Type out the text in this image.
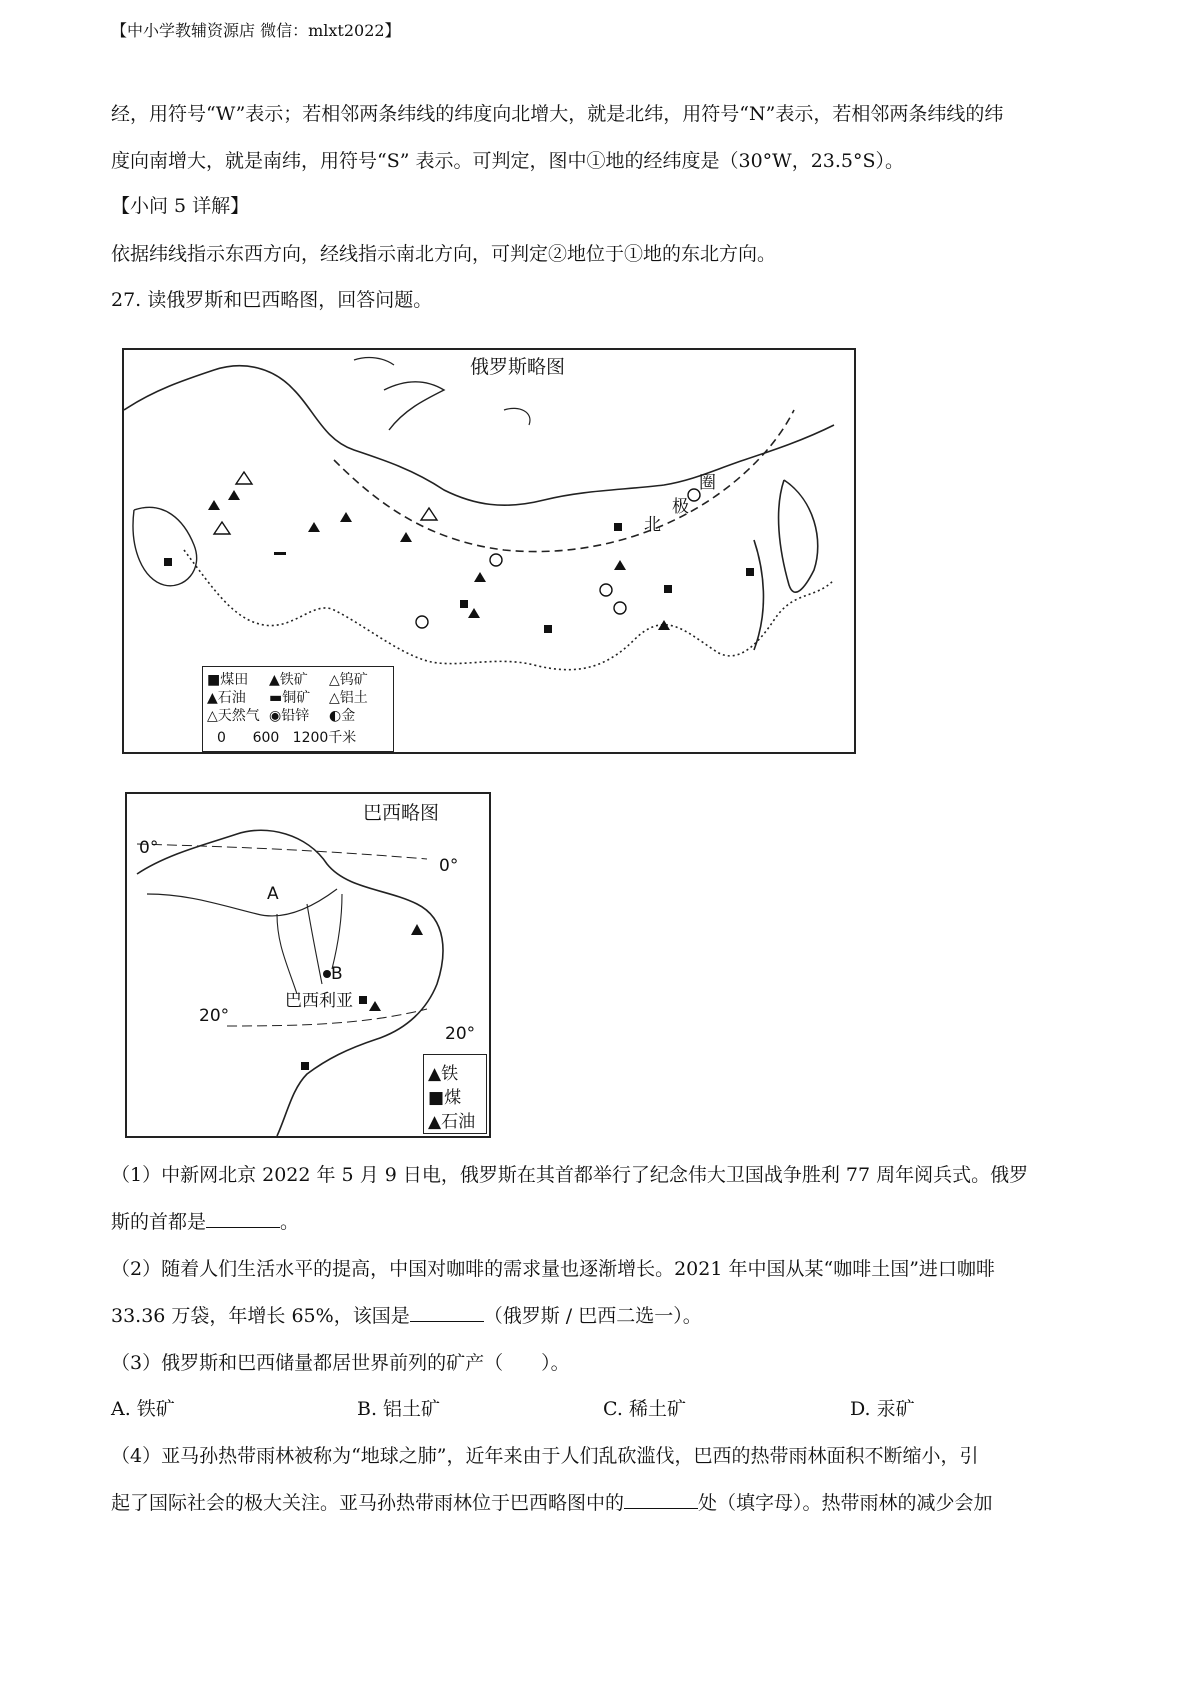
【中小学教辅资源店 微信：mlxt2022】
经，用符号“W”表示；若相邻两条纬线的纬度向北增大，就是北纬，用符号“N”表示，若相邻两条纬线的纬
度向南增大，就是南纬，用符号“S” 表示。可判定，图中①地的经纬度是（30°W，23.5°S）。
【小问 5 详解】
依据纬线指示东西方向，经线指示南北方向，可判定②地位于①地的东北方向。
27. 读俄罗斯和巴西略图，回答问题。
俄罗斯略图
北
极
圈
■煤田 ▲铁矿 △钨矿
▲石油 ▬铜矿 △铝土
△天然气 ◉铅锌 ◐金
0      600   1200千米
巴西略图
0°
0°
A
B
巴西利亚
20°
20°
▲铁
■煤
▲石油
（1）中新网北京 2022 年 5 月 9 日电，俄罗斯在其首都举行了纪念伟大卫国战争胜利 77 周年阅兵式。俄罗
斯的首都是	。
（2）随着人们生活水平的提高，中国对咖啡的需求量也逐渐增长。2021 年中国从某“咖啡土国”进口咖啡
33.36 万袋，年增长 65%，该国是	（俄罗斯 / 巴西二选一）。
（3）俄罗斯和巴西储量都居世界前列的矿产（　　）。
A. 铁矿	B. 铝土矿	C. 稀土矿	D. 汞矿
（4）亚马孙热带雨林被称为“地球之肺”，近年来由于人们乱砍滥伐，巴西的热带雨林面积不断缩小，引
起了国际社会的极大关注。亚马孙热带雨林位于巴西略图中的	处（填字母）。热带雨林的减少会加
